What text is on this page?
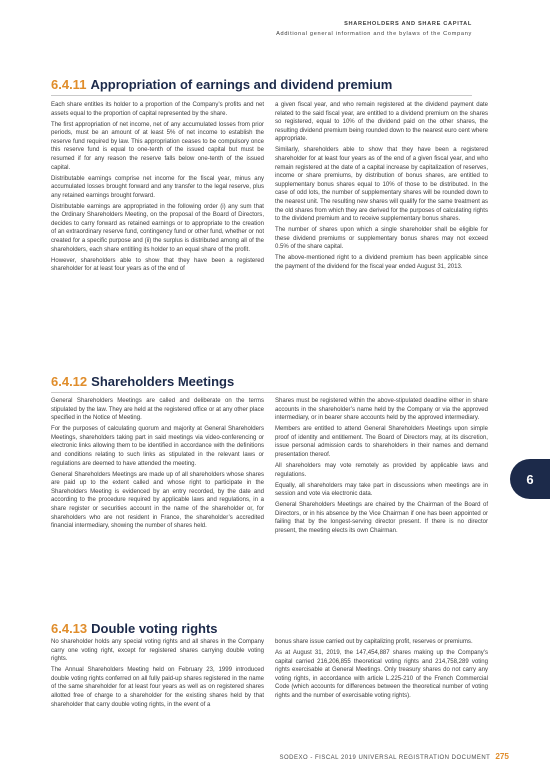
SHAREHOLDERS AND SHARE CAPITAL
Additional general information and the bylaws of the Company
6.4.11 Appropriation of earnings and dividend premium

Each share entitles its holder to a proportion of the Company’s profits and net assets equal to the proportion of capital represented by the share.

The first appropriation of net income, net of any accumulated losses from prior periods, must be an amount of at least 5% of net income to establish the reserve fund required by law. This appropriation ceases to be compulsory once this reserve fund is equal to one-tenth of the issued capital but must be resumed if for any reason the reserve falls below one-tenth of the issued capital.

Distributable earnings comprise net income for the fiscal year, minus any accumulated losses brought forward and any transfer to the legal reserve, plus any retained earnings brought forward.

Distributable earnings are appropriated in the following order (i) any sum that the Ordinary Shareholders Meeting, on the proposal of the Board of Directors, decides to carry forward as retained earnings or to appropriate to the creation of an extraordinary reserve fund, contingency fund or other fund, whether or not created for a specific purpose and (ii) the surplus is distributed among all of the shareholders, each share entitling its holder to an equal share of the profit.

However, shareholders able to show that they have been a registered shareholder for at least four years as of the end of

a given fiscal year, and who remain registered at the dividend payment date related to the said fiscal year, are entitled to a dividend premium on the shares so registered, equal to 10% of the dividend paid on the other shares, the resulting dividend premium being rounded down to the nearest euro cent where appropriate.

Similarly, shareholders able to show that they have been a registered shareholder for at least four years as of the end of a given fiscal year, and who remain registered at the date of a capital increase by capitalization of reserves, income or share premiums, by distribution of bonus shares, are entitled to supplementary bonus shares equal to 10% of those to be distributed. In the case of odd lots, the number of supplementary shares will be rounded down to the nearest unit. The resulting new shares will qualify for the same treatment as the old shares from which they are derived for the purposes of calculating rights to the dividend premium and to receive supplementary bonus shares.

The number of shares upon which a single shareholder shall be eligible for these dividend premiums or supplementary bonus shares may not exceed 0.5% of the share capital.

The above-mentioned right to a dividend premium has been applicable since the payment of the dividend for the fiscal year ended August 31, 2013.

6.4.12 Shareholders Meetings

General Shareholders Meetings are called and deliberate on the terms stipulated by the law. They are held at the registered office or at any other place specified in the Notice of Meeting.

For the purposes of calculating quorum and majority at General Shareholders Meetings, shareholders taking part in said meetings via video-conferencing or electronic links allowing them to be identified in accordance with the definitions and conditions relating to such links as stipulated in the relevant laws or regulations are deemed to have attended the meeting.

General Shareholders Meetings are made up of all shareholders whose shares are paid up to the extent called and whose right to participate in the Shareholders Meeting is evidenced by an entry recorded, by the date and according to the procedure required by applicable laws and regulations, in a share register or securities account in the name of the shareholder or, for shareholders who are not resident in France, the shareholder’s accredited financial intermediary, showing the number of shares held.

Shares must be registered within the above-stipulated deadline either in share accounts in the shareholder’s name held by the Company or via the approved intermediary, or in bearer share accounts held by the approved intermediary.

Members are entitled to attend General Shareholders Meetings upon simple proof of identity and entitlement. The Board of Directors may, at its discretion, issue personal admission cards to shareholders in their names and demand presentation thereof.

All shareholders may vote remotely as provided by applicable laws and regulations.

Equally, all shareholders may take part in discussions when meetings are in session and vote via electronic data.

General Shareholders Meetings are chaired by the Chairman of the Board of Directors, or in his absence by the Vice Chairman if one has been appointed or failing that by the longest-serving director present. If there is no director present, the meeting elects its own Chairman.

6.4.13 Double voting rights

No shareholder holds any special voting rights and all shares in the Company carry one voting right, except for registered shares carrying double voting rights.

The Annual Shareholders Meeting held on February 23, 1999 introduced double voting rights conferred on all fully paid-up shares registered in the name of the same shareholder for at least four years as well as on registered shares allotted free of charge to a shareholder for the existing shares held by that shareholder that carry double voting rights, in the event of a

bonus share issue carried out by capitalizing profit, reserves or premiums.

As at August 31, 2019, the 147,454,887 shares making up the Company’s capital carried 216,206,855 theoretical voting rights and 214,758,289 voting rights exercisable at General Meetings. Only treasury shares do not carry any voting rights, in accordance with article L.225-210 of the French Commercial Code (which accounts for differences between the theoretical number of voting rights and the number of exercisable voting rights).

6
SODEXO - FISCAL 2019 UNIVERSAL REGISTRATION DOCUMENT 275
